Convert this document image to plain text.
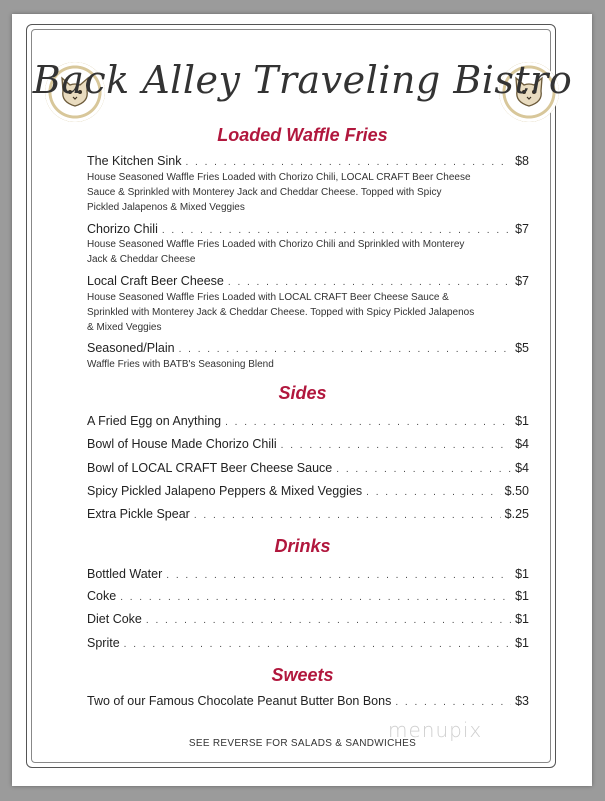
Back Alley Traveling Bistro
Loaded Waffle Fries
The Kitchen Sink . . .	$8
House Seasoned Waffle Fries Loaded with Chorizo Chili, LOCAL CRAFT Beer Cheese
Sauce & Sprinkled with Monterey Jack and Cheddar Cheese. Topped with Spicy
Pickled Jalapenos & Mixed Veggies
Chorizo Chili . . .	$7
House Seasoned Waffle Fries Loaded with Chorizo Chili and Sprinkled with Monterey
Jack & Cheddar Cheese
Local Craft Beer Cheese . . .	$7
House Seasoned Waffle Fries Loaded with LOCAL CRAFT Beer Cheese Sauce &
Sprinkled with Monterey Jack & Cheddar Cheese. Topped with Spicy Pickled Jalapenos
& Mixed Veggies
Seasoned/Plain . . .	$5
Waffle Fries with BATB's Seasoning Blend
Sides
A Fried Egg on Anything . . .	$1
Bowl of House Made Chorizo Chili . . .	$4
Bowl of LOCAL CRAFT Beer Cheese Sauce . . .	$4
Spicy Pickled Jalapeno Peppers & Mixed Veggies . . .	$.50
Extra Pickle Spear . . .	$.25
Drinks
Bottled Water . . .	$1
Coke . . .	$1
Diet Coke . . .	$1
Sprite . . .	$1
Sweets
Two of our Famous Chocolate Peanut Butter Bon Bons . . .	$3
menupix
SEE REVERSE FOR SALADS & SANDWICHES
